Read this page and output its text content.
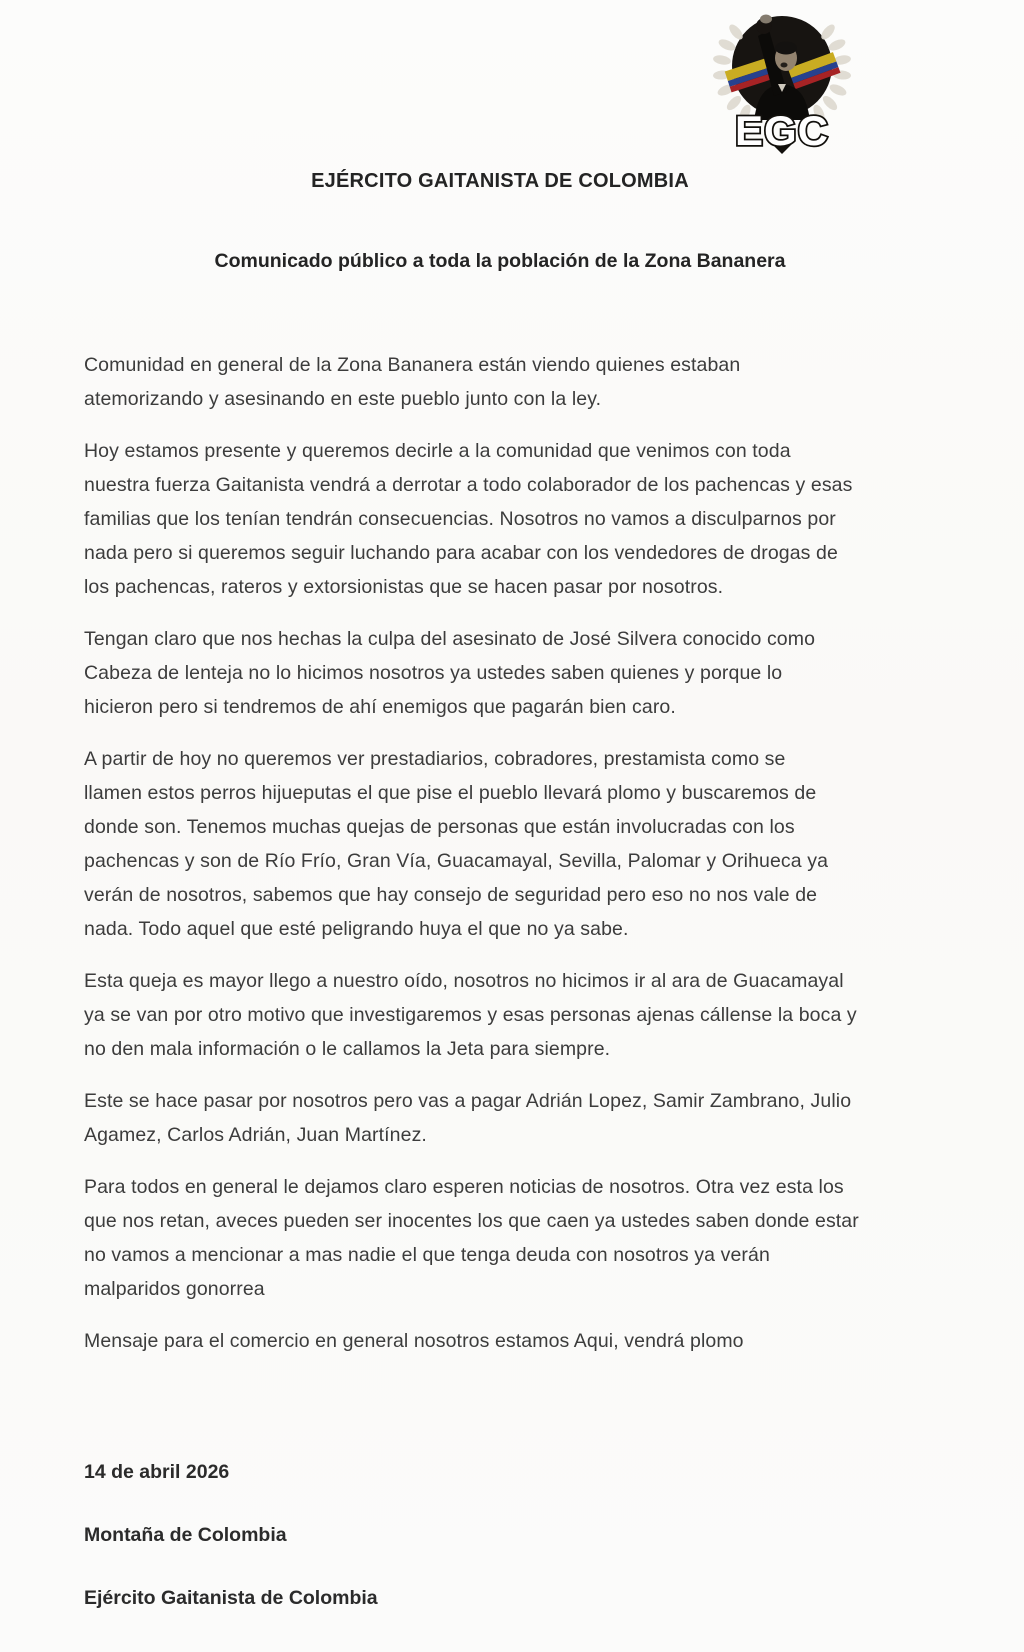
EGC
EJÉRCITO GAITANISTA DE COLOMBIA
Comunicado público a toda la población de la Zona Bananera
Comunidad en general de la Zona Bananera están viendo quienes estaban
atemorizando y asesinando en este pueblo junto con la ley.
Hoy estamos presente y queremos decirle a la comunidad que venimos con toda
nuestra fuerza Gaitanista vendrá a derrotar a todo colaborador de los pachencas y esas
familias que los tenían tendrán consecuencias. Nosotros no vamos a disculparnos por
nada pero si queremos seguir luchando para acabar con los vendedores de drogas de
los pachencas, rateros y extorsionistas que se hacen pasar por nosotros.
Tengan claro que nos hechas la culpa del asesinato de José Silvera conocido como
Cabeza de lenteja no lo hicimos nosotros ya ustedes saben quienes y porque lo
hicieron pero si tendremos de ahí enemigos que pagarán bien caro.
A partir de hoy no queremos ver prestadiarios, cobradores, prestamista como se
llamen estos perros hijueputas el que pise el pueblo llevará plomo y buscaremos de
donde son. Tenemos muchas quejas de personas que están involucradas con los
pachencas y son de Río Frío, Gran Vía, Guacamayal, Sevilla, Palomar y Orihueca ya
verán de nosotros, sabemos que hay consejo de seguridad pero eso no nos vale de
nada. Todo aquel que esté peligrando huya el que no ya sabe.
Esta queja es mayor llego a nuestro oído, nosotros no hicimos ir al ara de Guacamayal
ya se van por otro motivo que investigaremos y esas personas ajenas cállense la boca y
no den mala información o le callamos la Jeta para siempre.
Este se hace pasar por nosotros pero vas a pagar Adrián Lopez, Samir Zambrano, Julio
Agamez, Carlos Adrián, Juan Martínez.
Para todos en general le dejamos claro esperen noticias de nosotros. Otra vez esta los
que nos retan, aveces pueden ser inocentes los que caen ya ustedes saben donde estar
no vamos a mencionar a mas nadie el que tenga deuda con nosotros ya verán
malparidos gonorrea
Mensaje para el comercio en general nosotros estamos Aqui, vendrá plomo
14 de abril 2026
Montaña de Colombia
Ejército Gaitanista de Colombia
